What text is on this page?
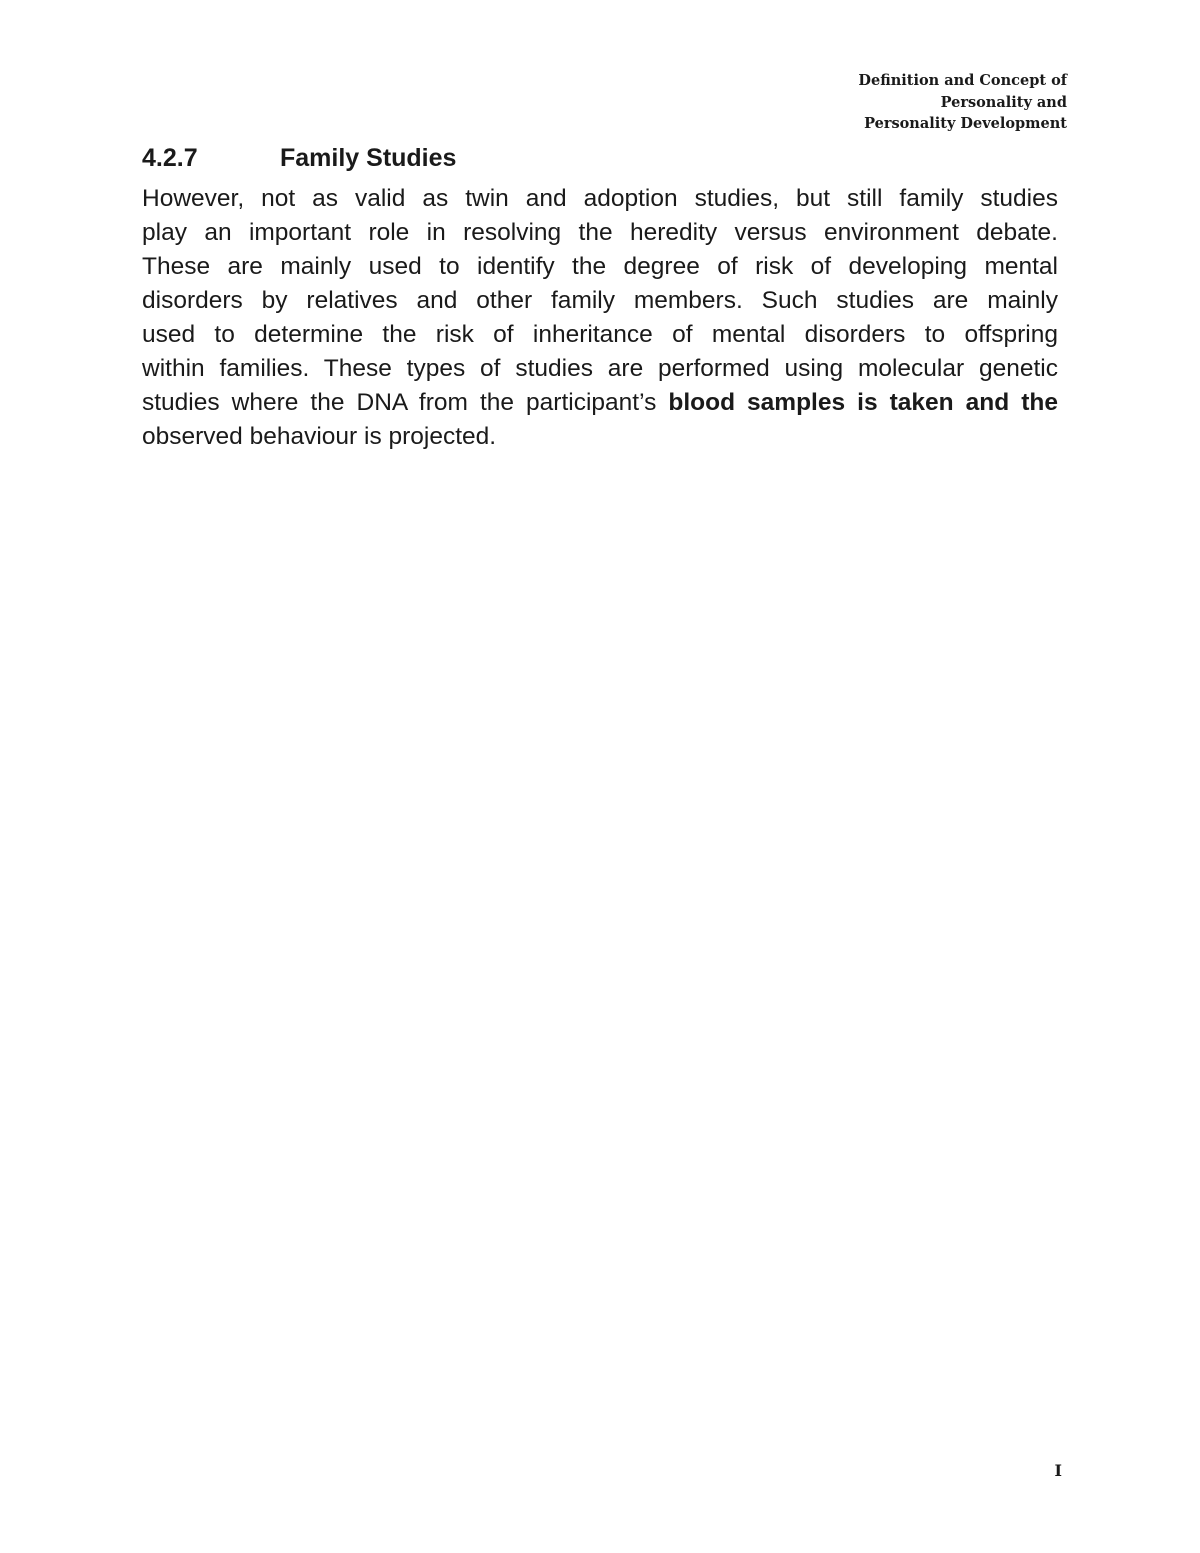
Definition and Concept of
Personality and
Personality Development
4.2.7	Family Studies

However, not as valid as twin and adoption studies, but still family studies
play an important role in resolving the heredity versus environment debate.
These are mainly used to identify the degree of risk of developing mental
disorders by relatives and other family members. Such studies are mainly
used to determine the risk of inheritance of mental disorders to offspring
within families. These types of studies are performed using molecular genetic
studies where the DNA from the participant’s blood samples is taken and the
observed behaviour is projected.

I
